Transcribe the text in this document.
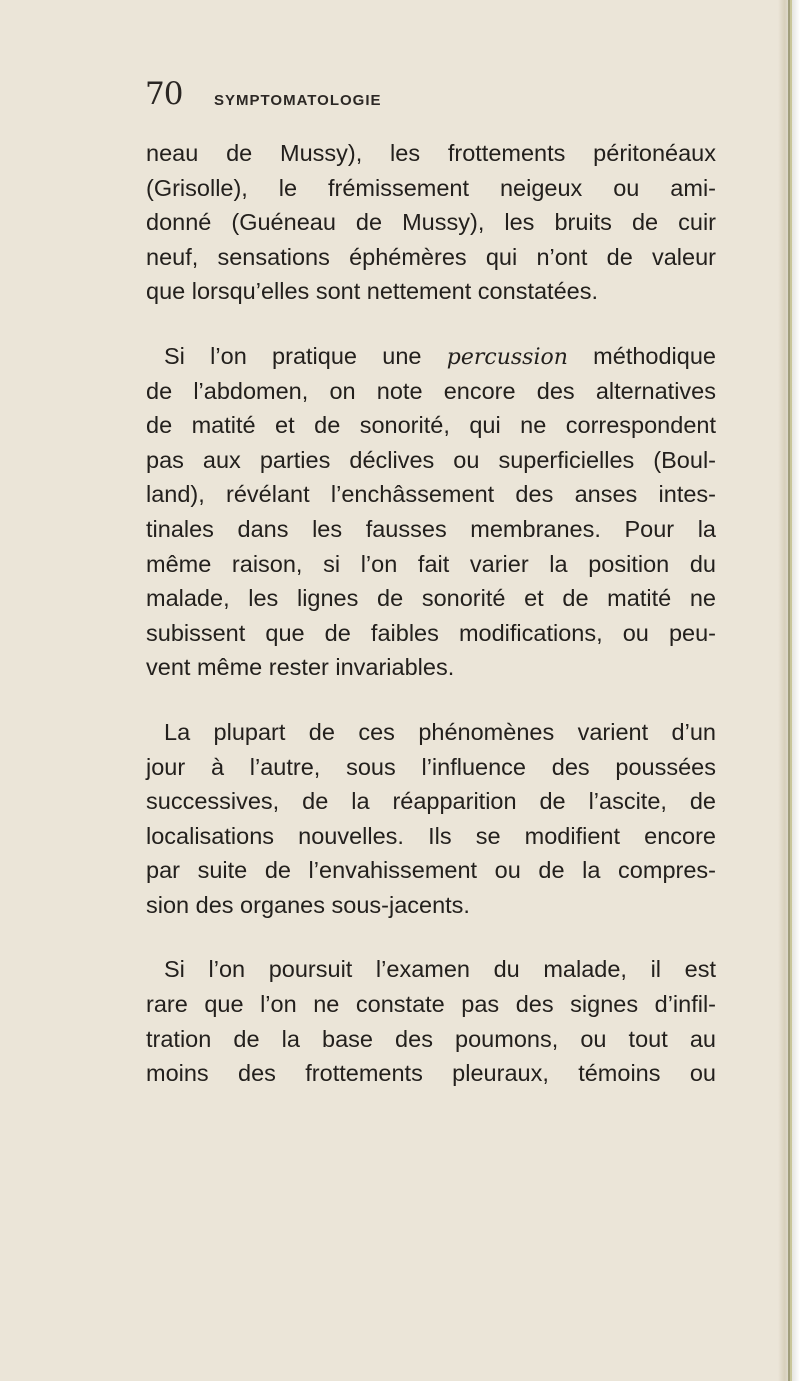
70 SYMPTOMATOLOGIE

neau de Mussy), les frottements péritonéaux
(Grisolle), le frémissement neigeux ou ami-
donné (Guéneau de Mussy), les bruits de cuir
neuf, sensations éphémères qui n’ont de valeur
que lorsqu’elles sont nettement constatées.
Si l’on pratique une percussion méthodique
de l’abdomen, on note encore des alternatives
de matité et de sonorité, qui ne correspondent
pas aux parties déclives ou superficielles (Boul-
land), révélant l’enchâssement des anses intes-
tinales dans les fausses membranes. Pour la
même raison, si l’on fait varier la position du
malade, les lignes de sonorité et de matité ne
subissent que de faibles modifications, ou peu-
vent même rester invariables.
La plupart de ces phénomènes varient d’un
jour à l’autre, sous l’influence des poussées
successives, de la réapparition de l’ascite, de
localisations nouvelles. Ils se modifient encore
par suite de l’envahissement ou de la compres-
sion des organes sous-jacents.
Si l’on poursuit l’examen du malade, il est
rare que l’on ne constate pas des signes d’infil-
tration de la base des poumons, ou tout au
moins des frottements pleuraux, témoins ou
